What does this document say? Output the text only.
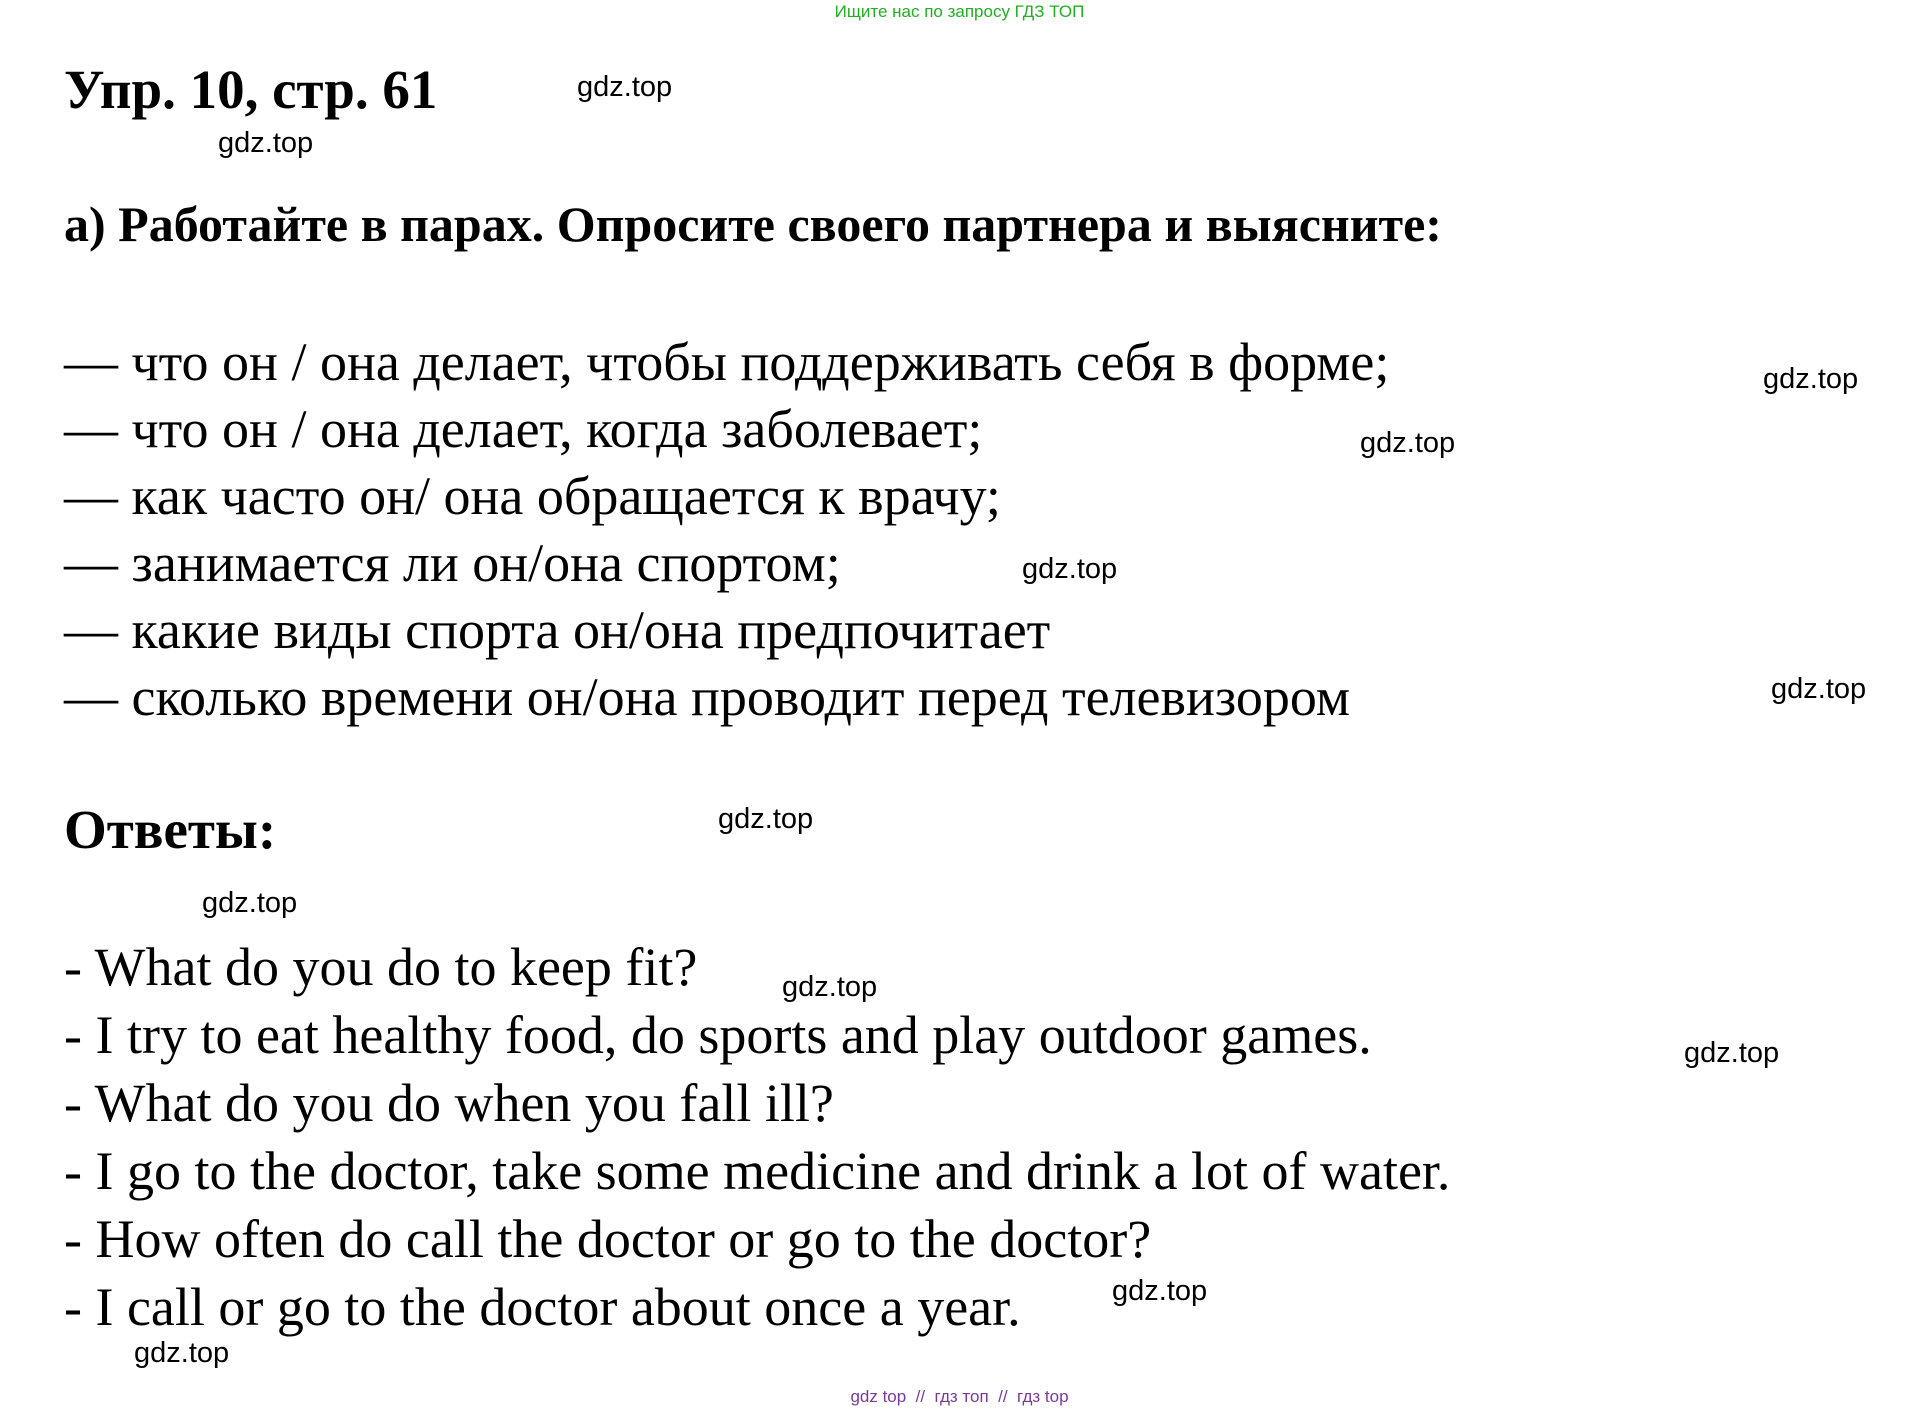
Ищите нас по запросу ГДЗ ТОП
Упр. 10, стр. 61	gdz.top
gdz.top
а) Работайте в парах. Опросите своего партнера и выясните:
— что он / она делает, чтобы поддерживать себя в форме;
— что он / она делает, когда заболевает;
— как часто он/ она обращается к врачу;
— занимается ли он/она спортом;
— какие виды спорта он/она предпочитает
— сколько времени он/она проводит перед телевизором
gdz.top
gdz.top
gdz.top
gdz.top
Ответы:	gdz.top
gdz.top
- What do you do to keep fit?
- I try to eat healthy food, do sports and play outdoor games.
- What do you do when you fall ill?
- I go to the doctor, take some medicine and drink a lot of water.
- How often do call the doctor or go to the doctor?
- I call or go to the doctor about once a year.
gdz.top
gdz.top
gdz.top
gdz.top
gdz top  //  гдз топ  //  гдз top
